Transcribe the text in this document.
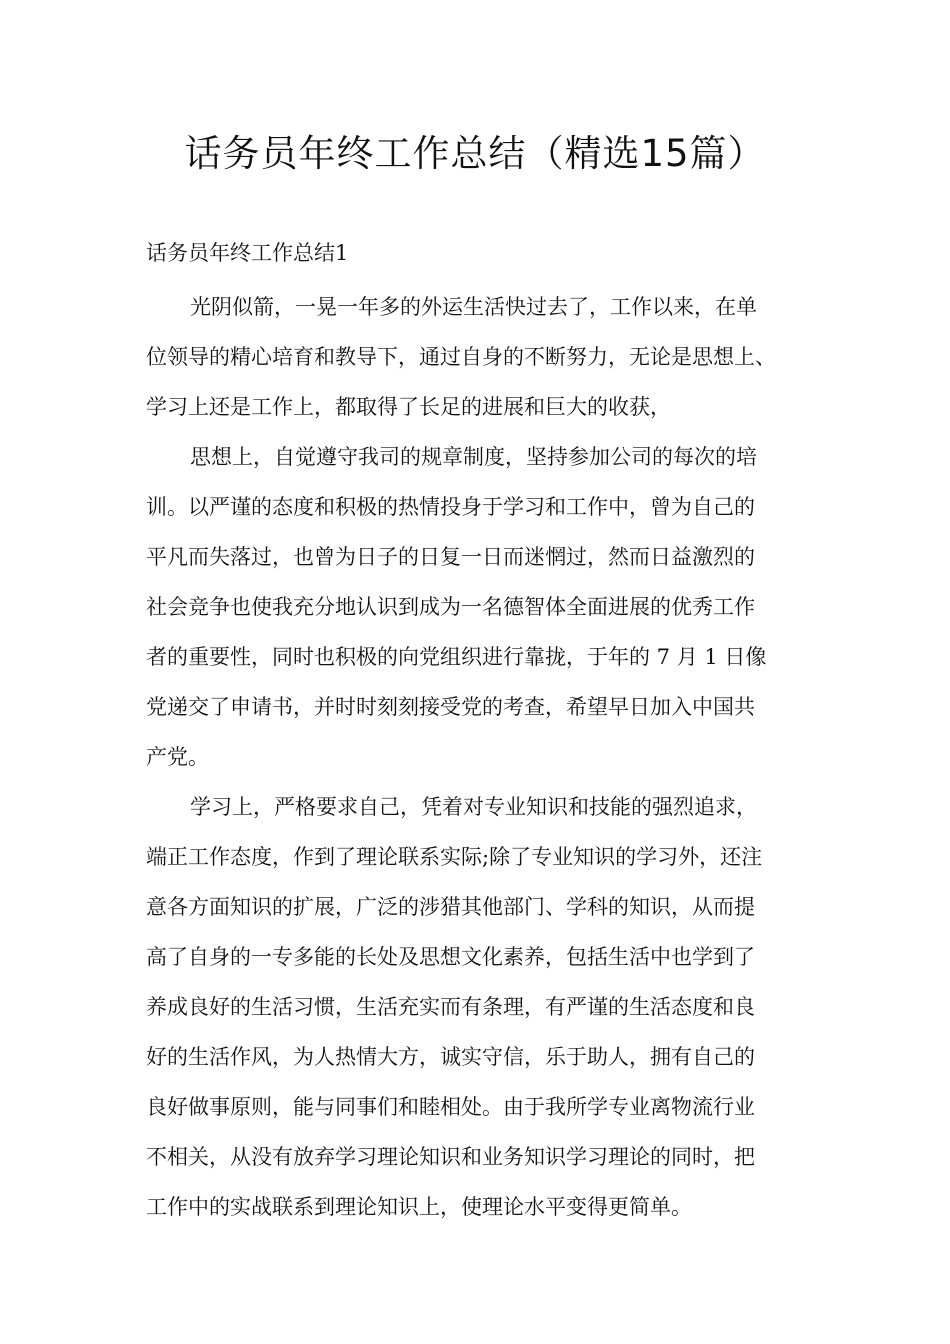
话务员年终工作总结（精选15篇）
话务员年终工作总结1
光阴似箭，一晃一年多的外运生活快过去了，工作以来，在单
位领导的精心培育和教导下，通过自身的不断努力，无论是思想上、
学习上还是工作上，都取得了长足的进展和巨大的收获，
思想上，自觉遵守我司的规章制度，坚持参加公司的每次的培
训。以严谨的态度和积极的热情投身于学习和工作中，曾为自己的
平凡而失落过，也曾为日子的日复一日而迷惘过，然而日益激烈的
社会竞争也使我充分地认识到成为一名德智体全面进展的优秀工作
者的重要性，同时也积极的向党组织进行靠拢，于年的 7 月 1 日像
党递交了申请书，并时时刻刻接受党的考查，希望早日加入中国共
产党。
学习上，严格要求自己，凭着对专业知识和技能的强烈追求，
端正工作态度，作到了理论联系实际;除了专业知识的学习外，还注
意各方面知识的扩展，广泛的涉猎其他部门、学科的知识，从而提
高了自身的一专多能的长处及思想文化素养，包括生活中也学到了
养成良好的生活习惯，生活充实而有条理，有严谨的生活态度和良
好的生活作风，为人热情大方，诚实守信，乐于助人，拥有自己的
良好做事原则，能与同事们和睦相处。由于我所学专业离物流行业
不相关，从没有放弃学习理论知识和业务知识学习理论的同时，把
工作中的实战联系到理论知识上，使理论水平变得更简单。
